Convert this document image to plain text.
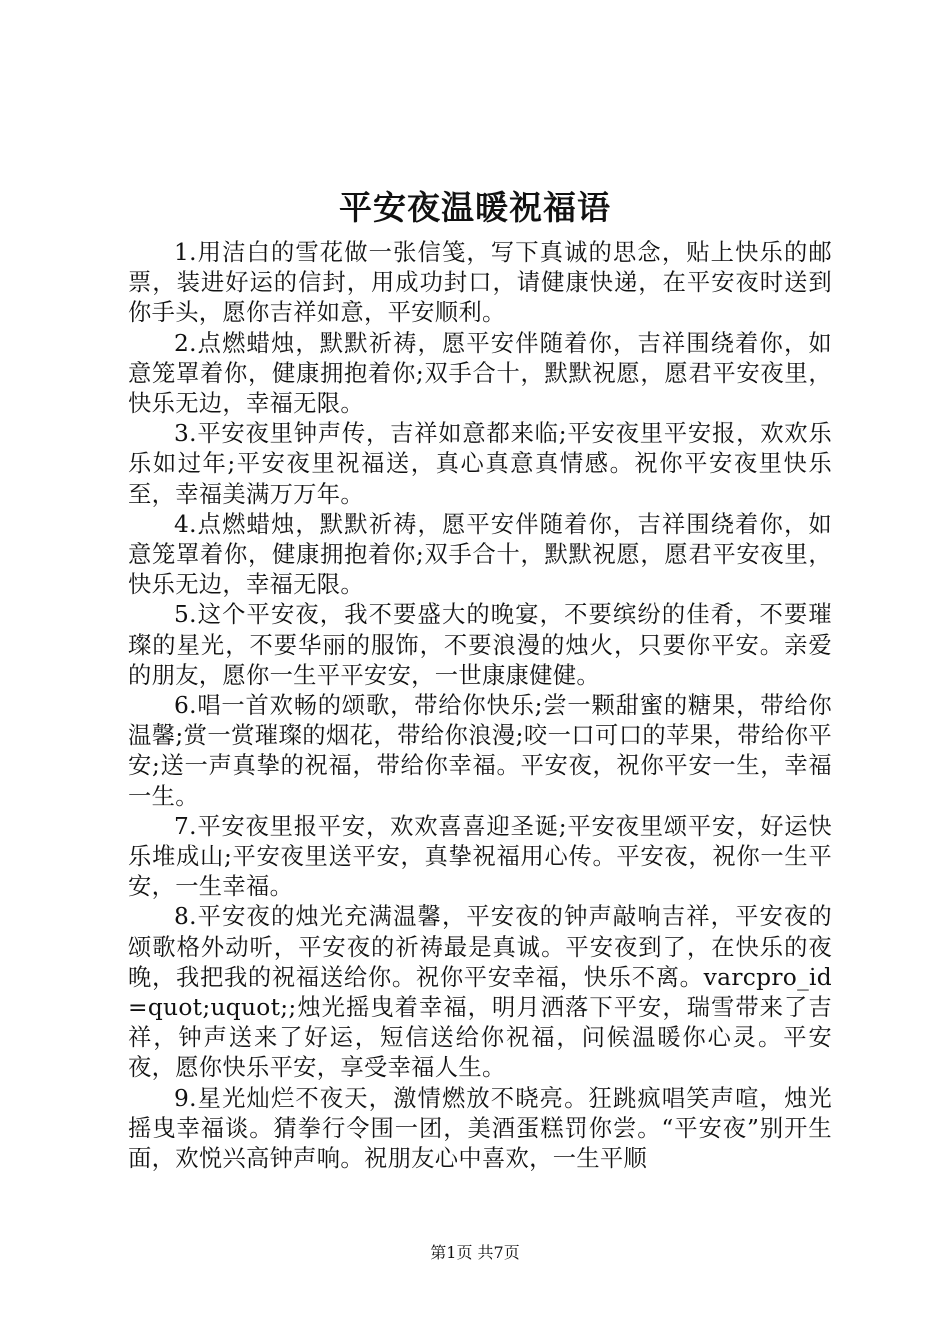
平安夜温暖祝福语

1.用洁白的雪花做一张信笺，写下真诚的思念，贴上快乐的邮票，装进好运的信封，用成功封口，请健康快递，在平安夜时送到你手头，愿你吉祥如意，平安顺利。

2.点燃蜡烛，默默祈祷，愿平安伴随着你，吉祥围绕着你，如意笼罩着你，健康拥抱着你;双手合十，默默祝愿，愿君平安夜里，快乐无边，幸福无限。

3.平安夜里钟声传，吉祥如意都来临;平安夜里平安报，欢欢乐乐如过年;平安夜里祝福送，真心真意真情感。祝你平安夜里快乐至，幸福美满万万年。

4.点燃蜡烛，默默祈祷，愿平安伴随着你，吉祥围绕着你，如意笼罩着你，健康拥抱着你;双手合十，默默祝愿，愿君平安夜里，快乐无边，幸福无限。

5.这个平安夜，我不要盛大的晚宴，不要缤纷的佳肴，不要璀璨的星光，不要华丽的服饰，不要浪漫的烛火，只要你平安。亲爱的朋友，愿你一生平平安安，一世康康健健。

6.唱一首欢畅的颂歌，带给你快乐;尝一颗甜蜜的糖果，带给你温馨;赏一赏璀璨的烟花，带给你浪漫;咬一口可口的苹果，带给你平安;送一声真挚的祝福，带给你幸福。平安夜，祝你平安一生，幸福一生。

7.平安夜里报平安，欢欢喜喜迎圣诞;平安夜里颂平安，好运快乐堆成山;平安夜里送平安，真挚祝福用心传。平安夜，祝你一生平安，一生幸福。

8.平安夜的烛光充满温馨，平安夜的钟声敲响吉祥，平安夜的颂歌格外动听，平安夜的祈祷最是真诚。平安夜到了，在快乐的夜晚，我把我的祝福送给你。祝你平安幸福，快乐不离。varcpro_id=quot;uquot;;烛光摇曳着幸福，明月洒落下平安，瑞雪带来了吉祥，钟声送来了好运，短信送给你祝福，问候温暖你心灵。平安夜，愿你快乐平安，享受幸福人生。

9.星光灿烂不夜天，激情燃放不晓亮。狂跳疯唱笑声喧，烛光摇曳幸福谈。猜拳行令围一团，美酒蛋糕罚你尝。“平安夜”别开生面，欢悦兴高钟声响。祝朋友心中喜欢，一生平顺

第1页 共7页
